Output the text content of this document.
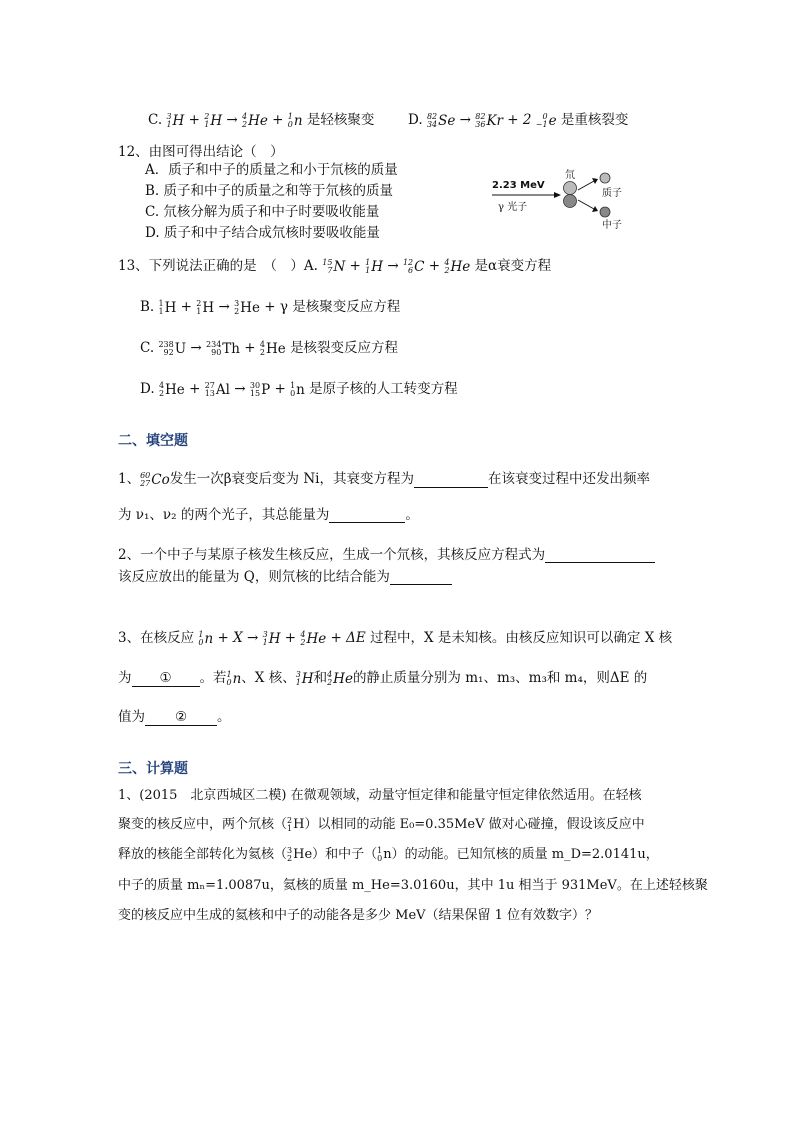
C. 3
1 H + 2
1 H → 4
2 He + 1
0 n 是轻核聚变 D. 82
34 Se → 82
36 Kr + 2 0
−1 e 是重核裂变
12、由图可得出结论（　）
A．质子和中子的质量之和小于氘核的质量
B. 质子和中子的质量之和等于氘核的质量
C. 氘核分解为质子和中子时要吸收能量
D. 质子和中子结合成氘核时要吸收能量
2.23 MeV
γ 光子
氘
质子
中子
13、下列说法正确的是　（　）A. 15
7 N + 1
1 H → 12
6 C + 4
2 He 是α衰变方程
B. 1
1 H + 2
1 H → 3
2 He + γ 是核聚变反应方程
C. 238
92 U → 234
90 Th + 4
2 He 是核裂变反应方程
D. 4
2 He + 27
13 Al → 30
15 P + 1
0 n 是原子核的人工转变方程
二、填空题
1、 60
27 Co 发生一次β衰变后变为 Ni，其衰变方程为	在该衰变过程中还发出频率
为 ν₁、ν₂ 的两个光子，其总能量为	。
2、一个中子与某原子核发生核反应，生成一个氘核，其核反应方程式为
该反应放出的能量为 Q，则氘核的比结合能为
3、在核反应 1
0 n + X → 3
1 H + 4
2 He + ΔE 过程中，X 是未知核。由核反应知识可以确定 X 核
为 ① 。若 1
0 n 、X 核、 3
1 H 和 4
2 He 的静止质量分别为 m₁、m₃、m₃和 m₄，则ΔE 的
值为 ② 。
三、计算题
1、(2015　北京西城区二模) 在微观领域，动量守恒定律和能量守恒定律依然适用。在轻核
聚变的核反应中，两个氘核（ 2
1 H ）以相同的动能 E₀=0.35MeV 做对心碰撞，假设该反应中
释放的核能全部转化为氦核（ 3
2 He ）和中子（ 1
0 n ）的动能。已知氘核的质量 m_D=2.0141u，
中子的质量 mₙ=1.0087u，氦核的质量 m_He=3.0160u，其中 1u 相当于 931MeV。在上述轻核聚
变的核反应中生成的氦核和中子的动能各是多少 MeV（结果保留 1 位有效数字）？
